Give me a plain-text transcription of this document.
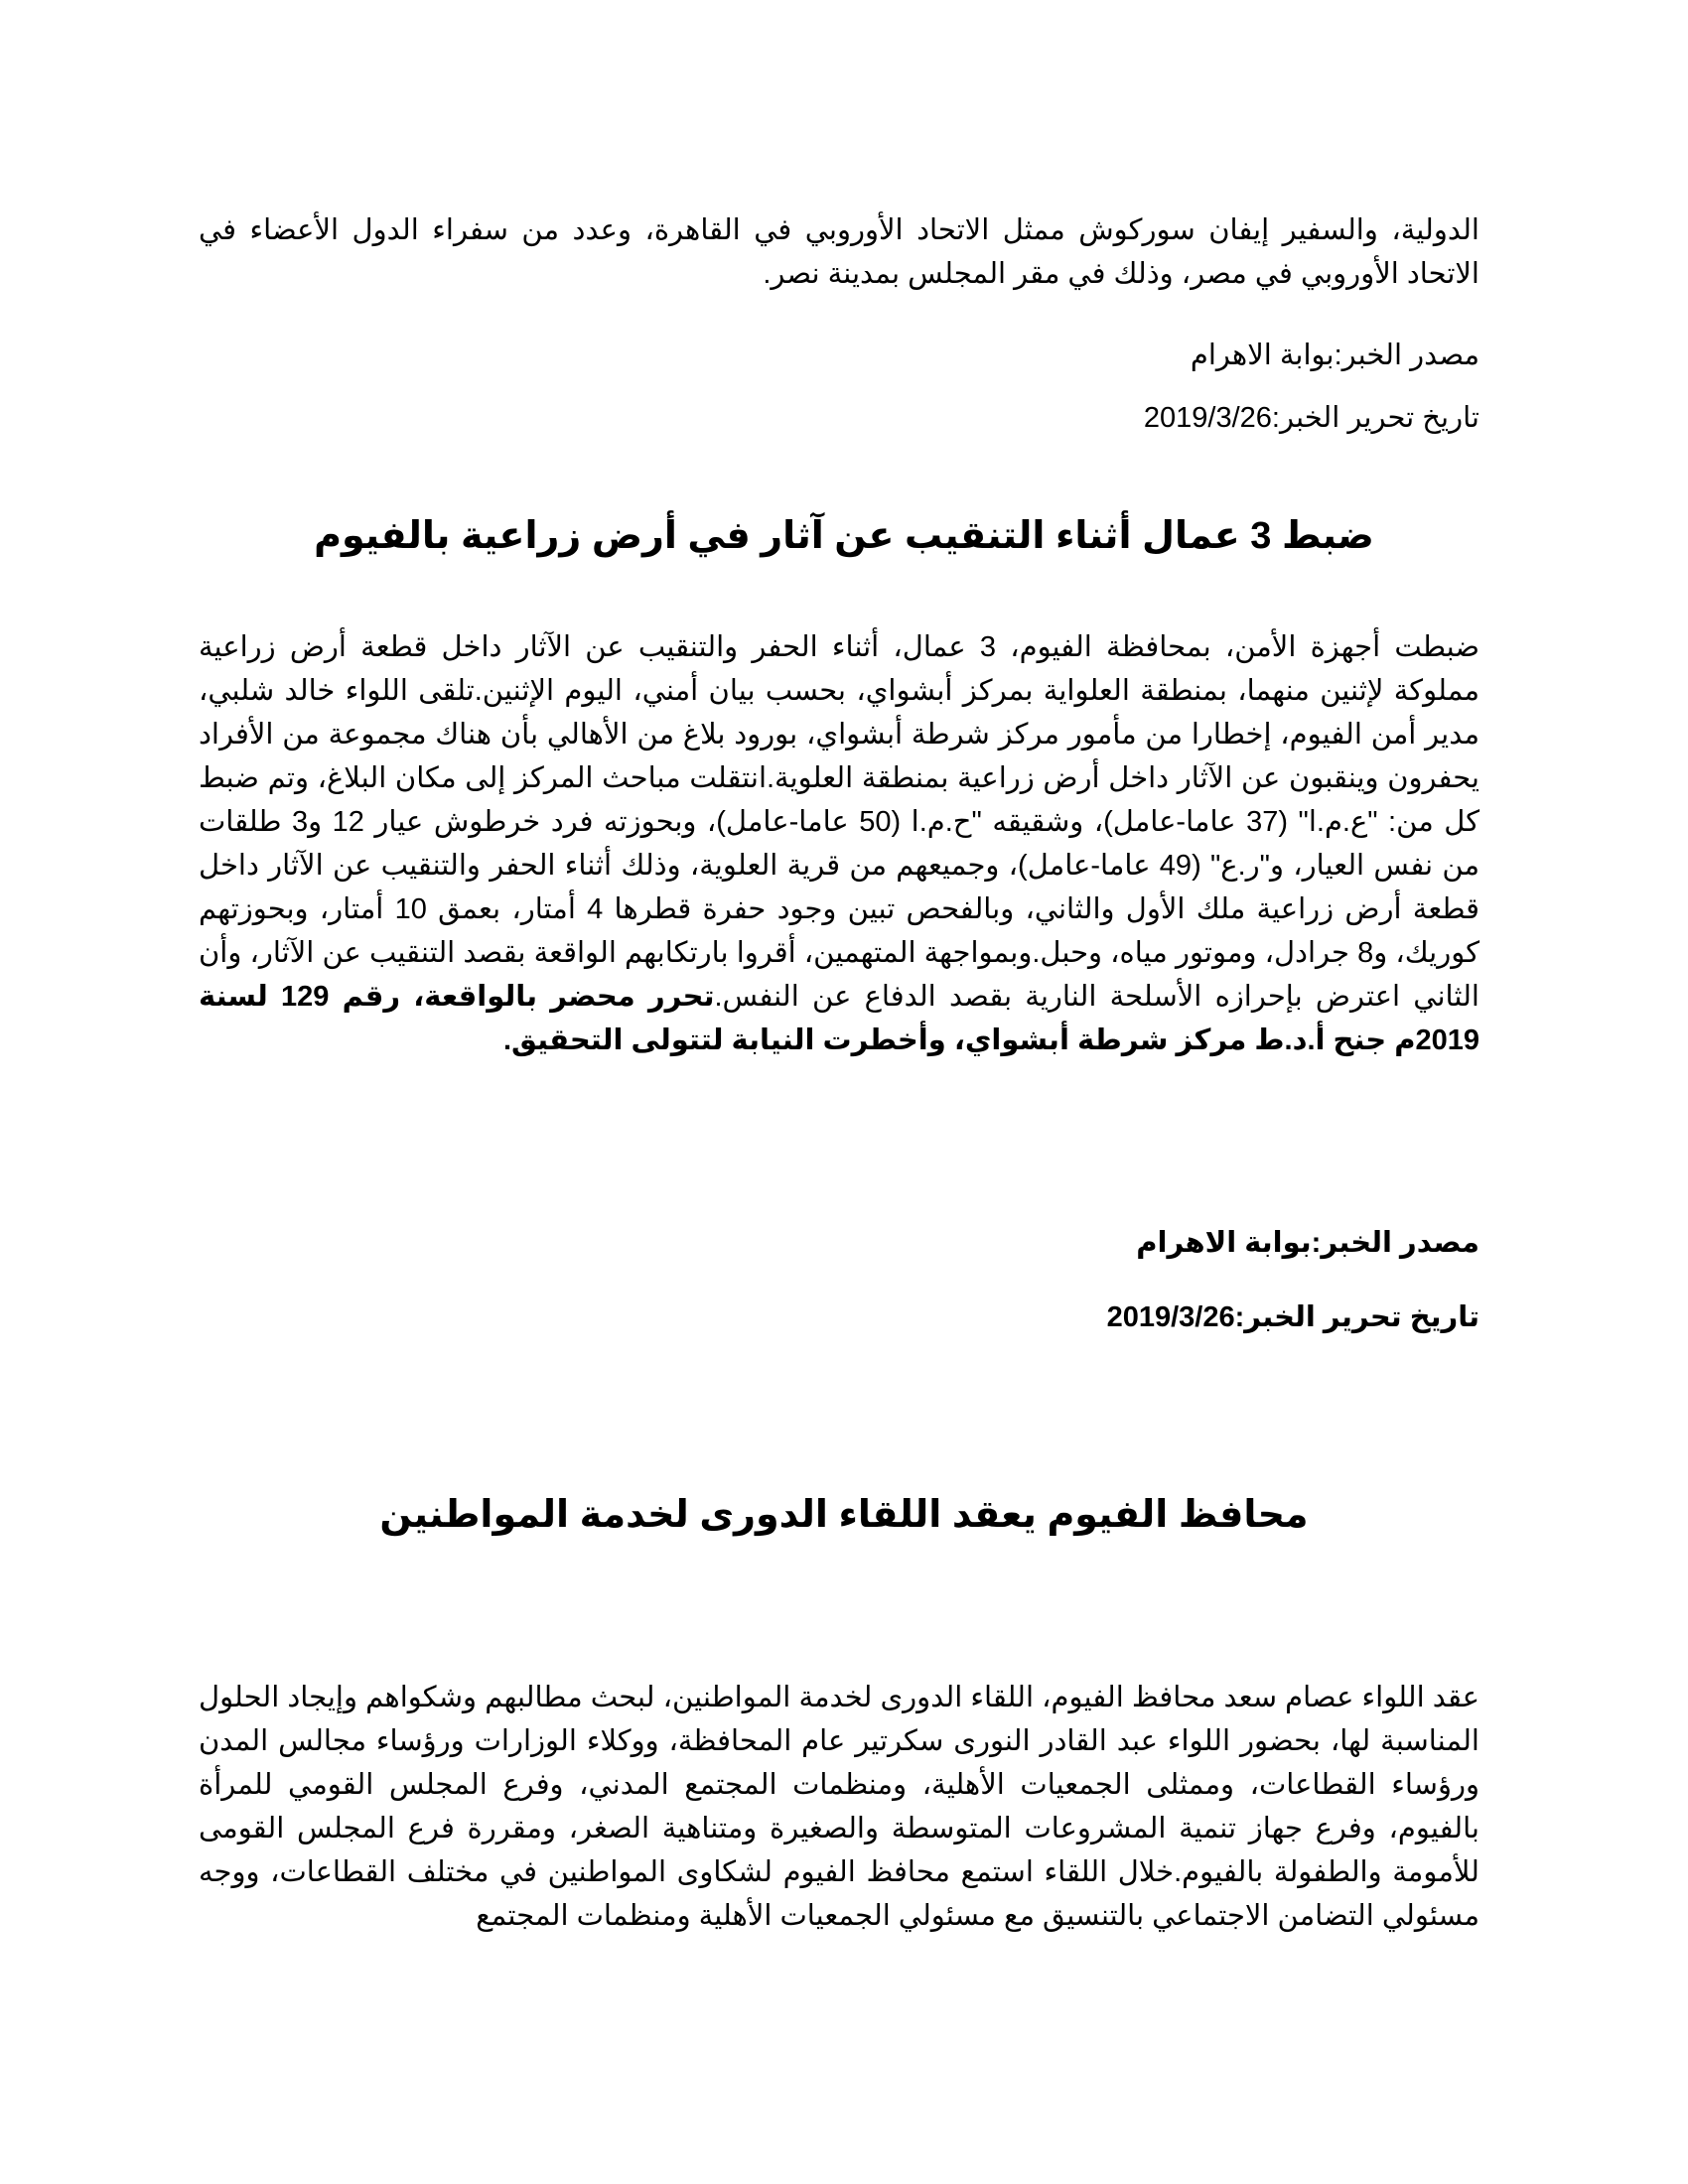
الدولية، والسفير إيفان سوركوش ممثل الاتحاد الأوروبي في القاهرة، وعدد من سفراء الدول الأعضاء في الاتحاد الأوروبي في مصر، وذلك في مقر المجلس بمدينة نصر.
مصدر الخبر:بوابة الاهرام
تاريخ تحرير الخبر:2019/3/26
ضبط 3 عمال أثناء التنقيب عن آثار في أرض زراعية بالفيوم
ضبطت أجهزة الأمن، بمحافظة الفيوم، 3 عمال، أثناء الحفر والتنقيب عن الآثار داخل قطعة أرض زراعية مملوكة لإثنين منهما، بمنطقة العلواية بمركز أبشواي، بحسب بيان أمني، اليوم الإثنين.تلقى اللواء خالد شلبي، مدير أمن الفيوم، إخطارا من مأمور مركز شرطة أبشواي، بورود بلاغ من الأهالي بأن هناك مجموعة من الأفراد يحفرون وينقبون عن الآثار داخل أرض زراعية بمنطقة العلوية.انتقلت مباحث المركز إلى مكان البلاغ، وتم ضبط كل من: "ع.م.ا" (37 عاما-عامل)، وشقيقه "ح.م.ا (50 عاما-عامل)، وبحوزته فرد خرطوش عيار 12 و3 طلقات من نفس العيار، و"ر.ع" (49 عاما-عامل)، وجميعهم من قرية العلوية، وذلك أثناء الحفر والتنقيب عن الآثار داخل قطعة أرض زراعية ملك الأول والثاني، وبالفحص تبين وجود حفرة قطرها 4 أمتار، بعمق 10 أمتار، وبحوزتهم كوريك، و8 جرادل، وموتور مياه، وحبل.وبمواجهة المتهمين، أقروا بارتكابهم الواقعة بقصد التنقيب عن الآثار، وأن الثاني اعترض بإحرازه الأسلحة النارية بقصد الدفاع عن النفس.تحرر محضر بالواقعة، رقم 129 لسنة 2019م جنح أ.د.ط مركز شرطة أبشواي، وأخطرت النيابة لتتولى التحقيق.
مصدر الخبر:بوابة الاهرام
تاريخ تحرير الخبر:2019/3/26
محافظ الفيوم يعقد اللقاء الدورى لخدمة المواطنين
عقد اللواء عصام سعد محافظ الفيوم، اللقاء الدورى لخدمة المواطنين، لبحث مطالبهم وشكواهم وإيجاد الحلول المناسبة لها، بحضور اللواء عبد القادر النورى سكرتير عام المحافظة، ووكلاء الوزارات ورؤساء مجالس المدن ورؤساء القطاعات، وممثلى الجمعيات الأهلية، ومنظمات المجتمع المدني، وفرع المجلس القومي للمرأة بالفيوم، وفرع جهاز تنمية المشروعات المتوسطة والصغيرة ومتناهية الصغر، ومقررة فرع المجلس القومى للأمومة والطفولة بالفيوم.خلال اللقاء استمع محافظ الفيوم لشكاوى المواطنين في مختلف القطاعات، ووجه مسئولي التضامن الاجتماعي بالتنسيق مع مسئولي الجمعيات الأهلية ومنظمات المجتمع
